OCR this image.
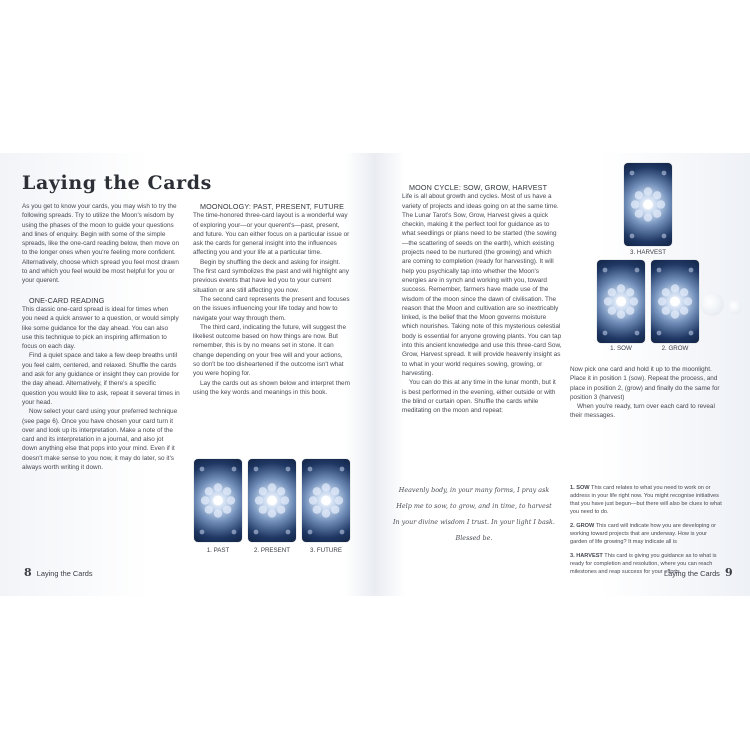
Laying the Cards

As you get to know your cards, you may wish to try the following spreads. Try to utilize the Moon's wisdom by using the phases of the moon to guide your questions and lines of enquiry. Begin with some of the simple spreads, like the one-card reading below, then move on to the longer ones when you're feeling more confident. Alternatively, choose which spread you feel most drawn to and which you feel would be most helpful for you or your querent.

ONE-CARD READING

This classic one-card spread is ideal for times when you need a quick answer to a question, or would simply like some guidance for the day ahead. You can also use this technique to pick an inspiring affirmation to focus on each day.

Find a quiet space and take a few deep breaths until you feel calm, centered, and relaxed. Shuffle the cards and ask for any guidance or insight they can provide for the day ahead. Alternatively, if there's a specific question you would like to ask, repeat it several times in your head.

Now select your card using your preferred technique (see page 6). Once you have chosen your card turn it over and look up its interpretation. Make a note of the card and its interpretation in a journal, and also jot down anything else that pops into your mind. Even if it doesn't make sense to you now, it may do later, so it's always worth writing it down.

MOONOLOGY: PAST, PRESENT, FUTURE

The time-honored three-card layout is a wonderful way of exploring your—or your querent's—past, present, and future. You can either focus on a particular issue or ask the cards for general insight into the influences affecting you and your life at a particular time.

Begin by shuffling the deck and asking for insight. The first card symbolizes the past and will highlight any previous events that have led you to your current situation or are still affecting you now.

The second card represents the present and focuses on the issues influencing your life today and how to navigate your way through them.

The third card, indicating the future, will suggest the likeliest outcome based on how things are now. But remember, this is by no means set in stone. It can change depending on your free will and your actions, so don't be too disheartened if the outcome isn't what you were hoping for.

Lay the cards out as shown below and interpret them using the key words and meanings in this book.

1. PAST	2. PRESENT	3. FUTURE
8 Laying the Cards

MOON CYCLE: SOW, GROW, HARVEST

Life is all about growth and cycles. Most of us have a variety of projects and ideas going on at the same time. The Lunar Tarot's Sow, Grow, Harvest gives a quick checkin, making it the perfect tool for guidance as to what seedlings or plans need to be started (the sowing—the scattering of seeds on the earth), which existing projects need to be nurtured (the growing) and which are coming to completion (ready for harvesting). It will help you psychically tap into whether the Moon's energies are in synch and working with you, toward success. Remember, farmers have made use of the wisdom of the moon since the dawn of civilisation. The reason that the Moon and cultivation are so inextricably linked, is the belief that the Moon governs moisture which nourishes. Taking note of this mysterious celestial body is essential for anyone growing plants. You can tap into this ancient knowledge and use this three-card Sow, Grow, Harvest spread. It will provide heavenly insight as to what in your world requires sowing, growing, or harvesting.

You can do this at any time in the lunar month, but it is best performed in the evening, either outside or with the blind or curtain open. Shuffle the cards while meditating on the moon and repeat:

Heavenly body, in your many forms, I pray ask
Help me to sow, to grow, and in time, to harvest
In your divine wisdom I trust. In your light I bask.
Blessed be.
3. HARVEST
1. SOW	2. GROW

Now pick one card and hold it up to the moonlight. Place it in position 1 (sow). Repeat the process, and place in position 2, (grow) and finally do the same for position 3 (harvest)

When you're ready, turn over each card to reveal their messages.

1. SOW This card relates to what you need to work on or address in your life right now. You might recognise initiatives that you have just begun—but there will also be clues to what you need to do.

2. GROW This card will indicate how you are developing or working toward projects that are underway. How is your garden of life growing? It may indicate all is

3. HARVEST This card is giving you guidance as to what is ready for completion and resolution, where you can reach milestones and reap success for your efforts.

Laying the Cards 9
